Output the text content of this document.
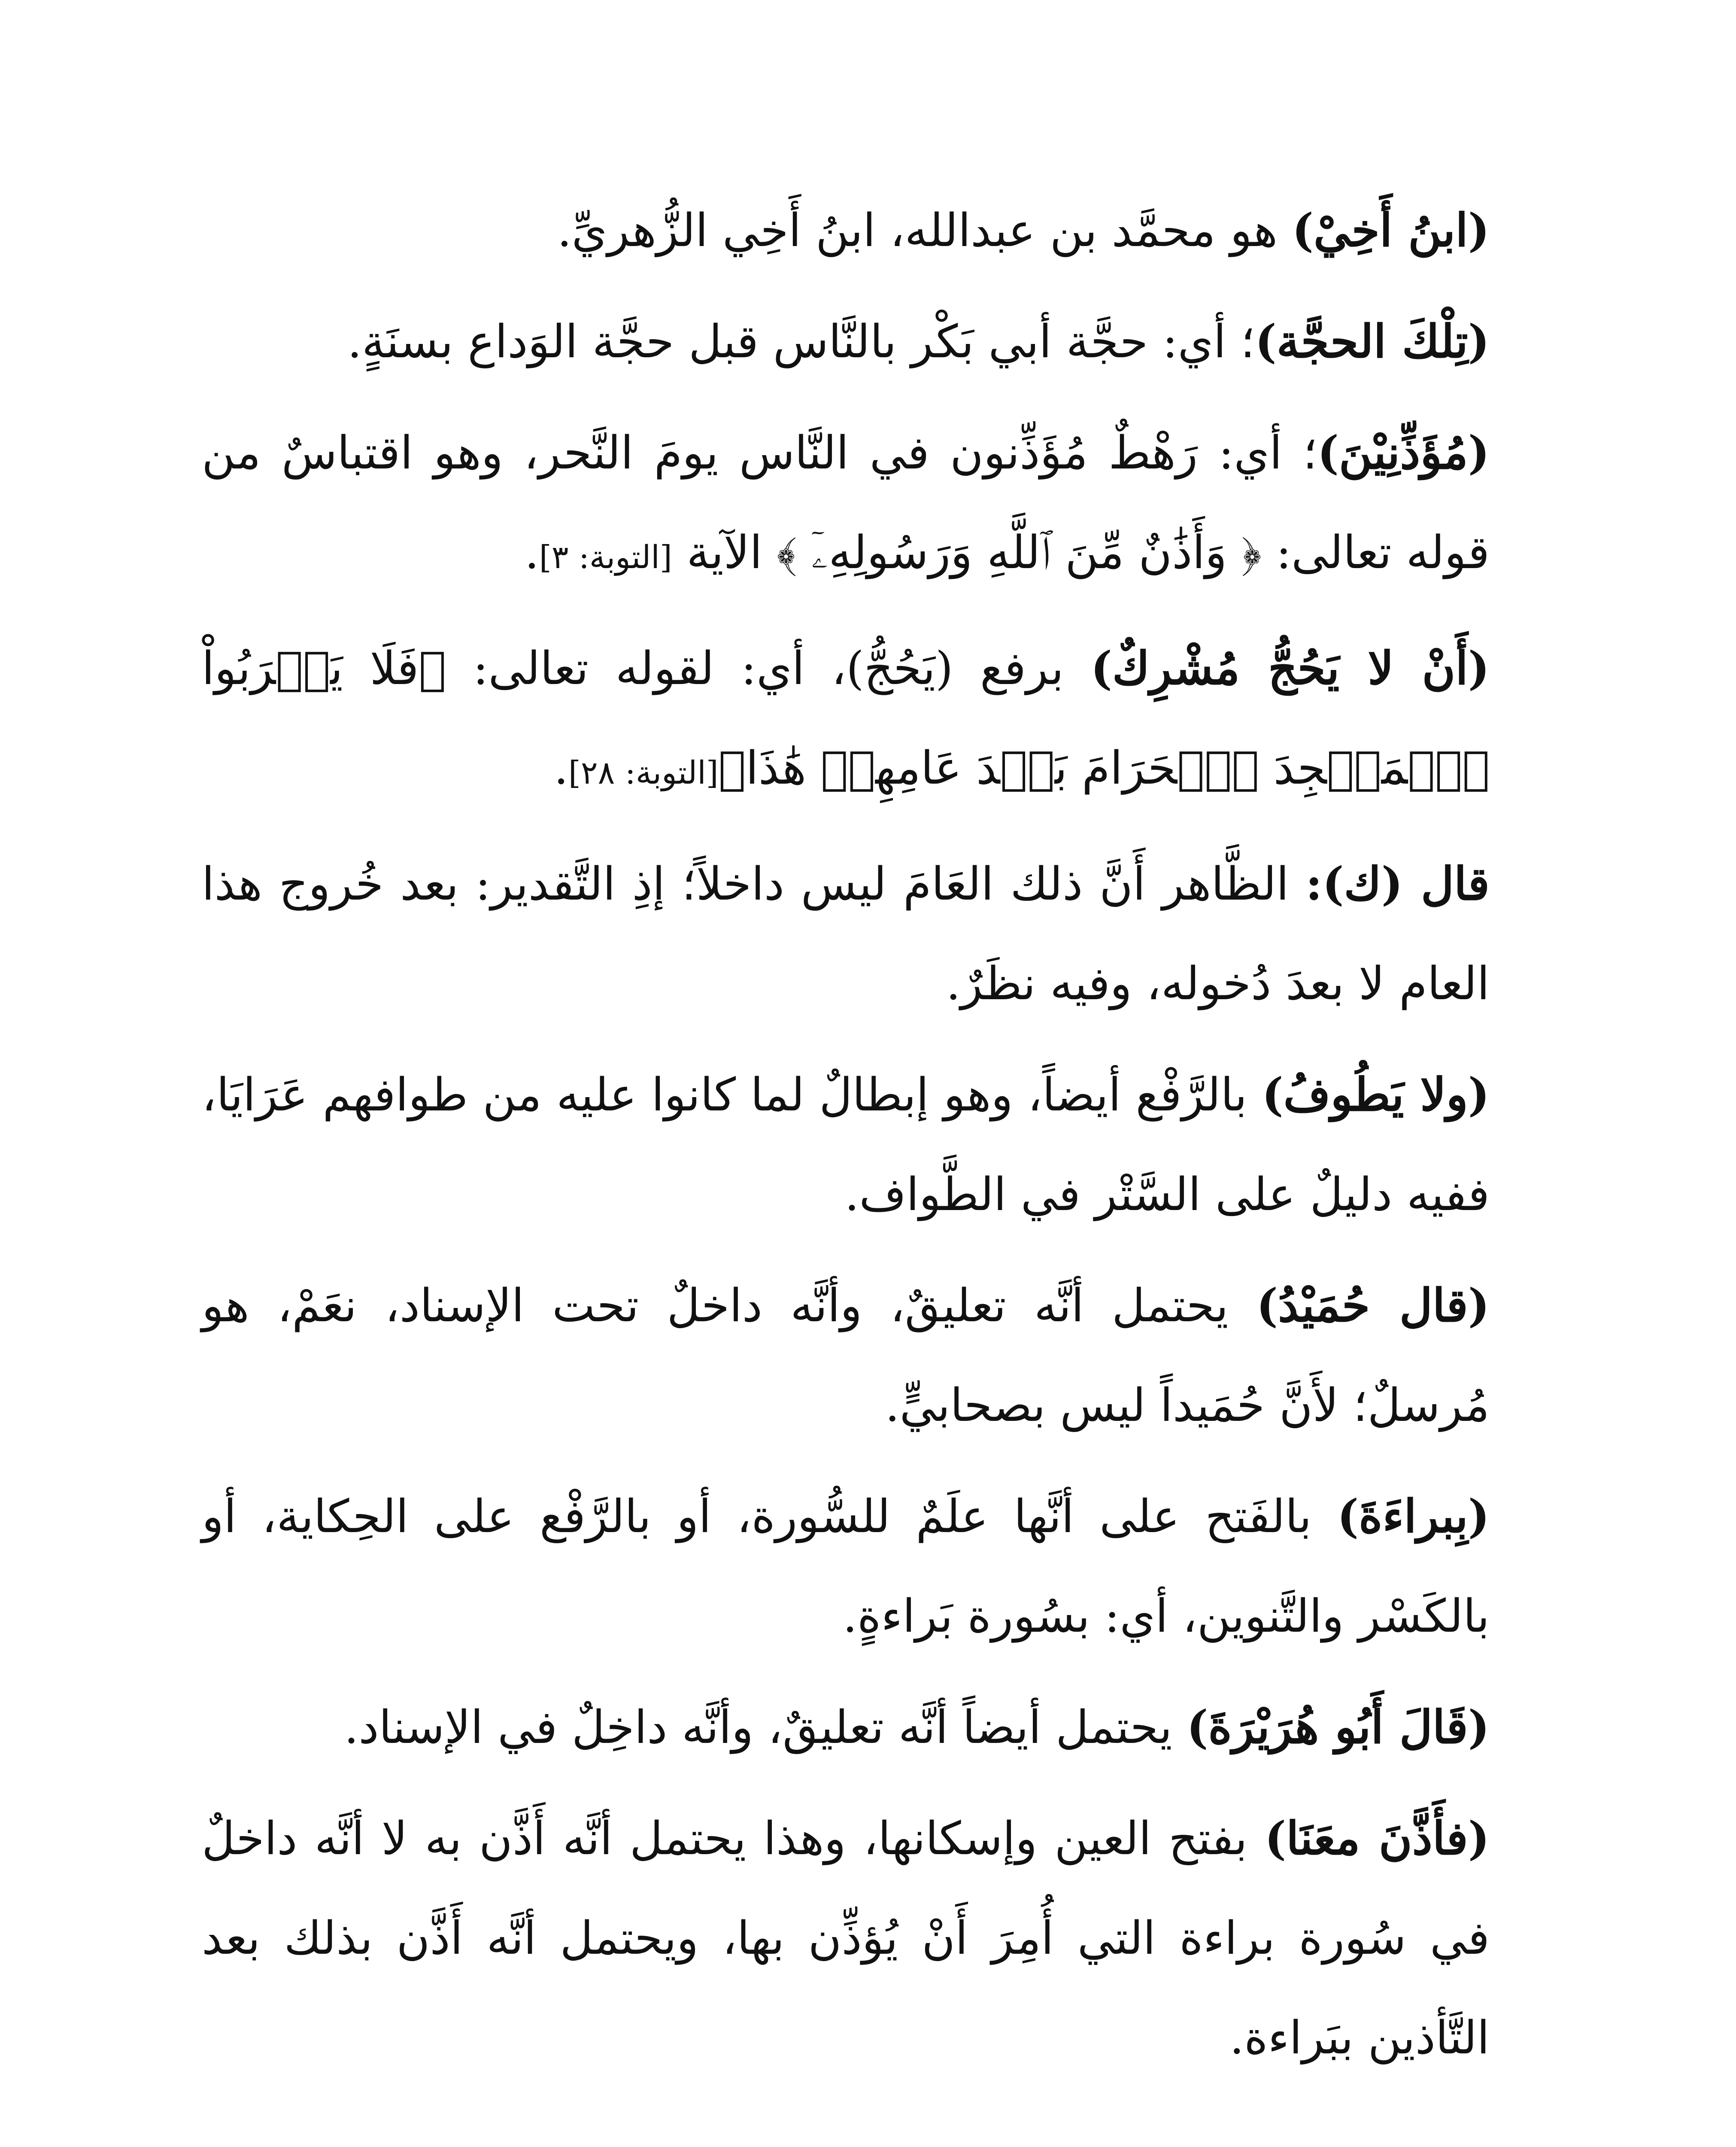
(ابنُ أَخِيْ) هو محمَّد بن عبدالله، ابنُ أَخِي الزُّهريِّ.

(تِلْكَ الحجَّة)؛ أي: حجَّة أبي بَكْر بالنَّاس قبل حجَّة الوَداع بسنَةٍ.

(مُؤَذِّنِيْنَ)؛ أي: رَهْطٌ مُؤَذِّنون في النَّاس يومَ النَّحر، وهو اقتباسٌ من قوله تعالى: ﴿ وَأَذَٰنٌ مِّنَ ٱللَّهِ وَرَسُولِهِۦٓ ﴾ الآية [التوبة: ٣].

(أَنْ لا يَحُجُّ مُشْرِكٌ) برفع (يَحُجُّ)، أي: لقوله تعالى: ﴿فَلَا يَقۡرَبُواْ ٱلۡمَسۡجِدَ ٱلۡحَرَامَ بَعۡدَ عَامِهِمۡ هَٰذَا﴾[التوبة: ٢٨].

قال (ك): الظَّاهر أَنَّ ذلك العَامَ ليس داخلاً؛ إذِ التَّقدير: بعد خُروج هذا العام لا بعدَ دُخوله، وفيه نظَرٌ.

(ولا يَطُوفُ) بالرَّفْع أيضاً، وهو إبطالٌ لما كانوا عليه من طوافهم عَرَايَا، ففيه دليلٌ على السَّتْر في الطَّواف.

(قال حُمَيْدُ) يحتمل أنَّه تعليقٌ، وأنَّه داخلٌ تحت الإسناد، نعَمْ، هو مُرسلٌ؛ لأَنَّ حُمَيداً ليس بصحابيٍّ.

(بِبراءَةَ) بالفَتح على أنَّها علَمٌ للسُّورة، أو بالرَّفْع على الحِكاية، أو بالكَسْر والتَّنوين، أي: بسُورة بَراءةٍ.

(قَالَ أَبُو هُرَيْرَةَ) يحتمل أيضاً أنَّه تعليقٌ، وأنَّه داخِلٌ في الإسناد.

(فأَذَّنَ معَنَا) بفتح العين وإسكانها، وهذا يحتمل أنَّه أَذَّن به لا أنَّه داخلٌ في سُورة براءة التي أُمِرَ أَنْ يُؤذِّن بها، ويحتمل أنَّه أَذَّن بذلك بعد التَّأذين ببَراءة.
